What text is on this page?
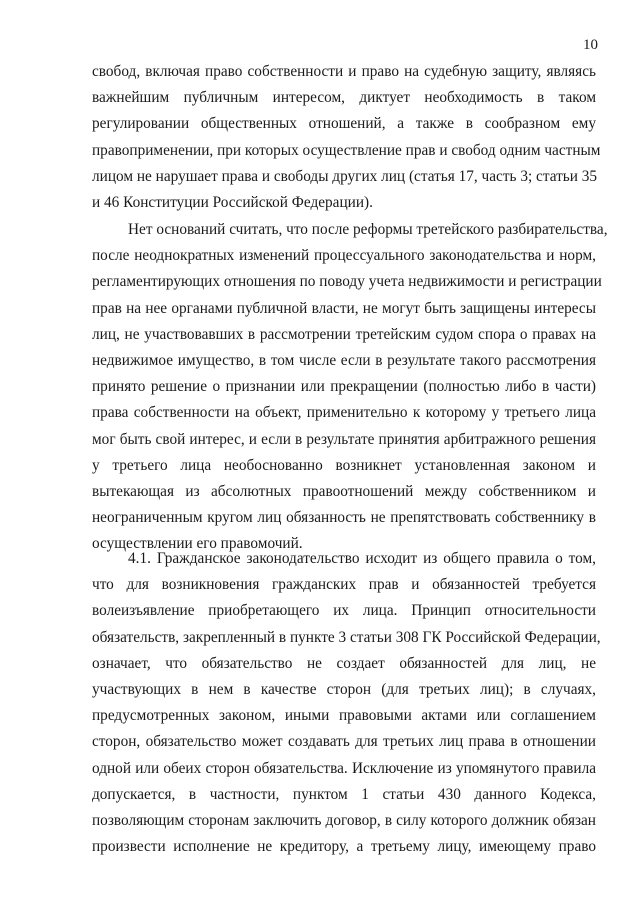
10
свобод, включая право собственности и право на судебную защиту, являясь
важнейшим публичным интересом, диктует необходимость в таком
регулировании общественных отношений, а также в сообразном ему
правоприменении, при которых осуществление прав и свобод одним частным
лицом не нарушает права и свободы других лиц (статья 17, часть 3; статьи 35
и 46 Конституции Российской Федерации).
Нет оснований считать, что после реформы третейского разбирательства,
после неоднократных изменений процессуального законодательства и норм,
регламентирующих отношения по поводу учета недвижимости и регистрации
прав на нее органами публичной власти, не могут быть защищены интересы
лиц, не участвовавших в рассмотрении третейским судом спора о правах на
недвижимое имущество, в том числе если в результате такого рассмотрения
принято решение о признании или прекращении (полностью либо в части)
права собственности на объект, применительно к которому у третьего лица
мог быть свой интерес, и если в результате принятия арбитражного решения
у третьего лица необоснованно возникнет установленная законом и
вытекающая из абсолютных правоотношений между собственником и
неограниченным кругом лиц обязанность не препятствовать собственнику в
осуществлении его правомочий.
4.1. Гражданское законодательство исходит из общего правила о том,
что для возникновения гражданских прав и обязанностей требуется
волеизъявление приобретающего их лица. Принцип относительности
обязательств, закрепленный в пункте 3 статьи 308 ГК Российской Федерации,
означает, что обязательство не создает обязанностей для лиц, не
участвующих в нем в качестве сторон (для третьих лиц); в случаях,
предусмотренных законом, иными правовыми актами или соглашением
сторон, обязательство может создавать для третьих лиц права в отношении
одной или обеих сторон обязательства. Исключение из упомянутого правила
допускается, в частности, пунктом 1 статьи 430 данного Кодекса,
позволяющим сторонам заключить договор, в силу которого должник обязан
произвести исполнение не кредитору, а третьему лицу, имеющему право
